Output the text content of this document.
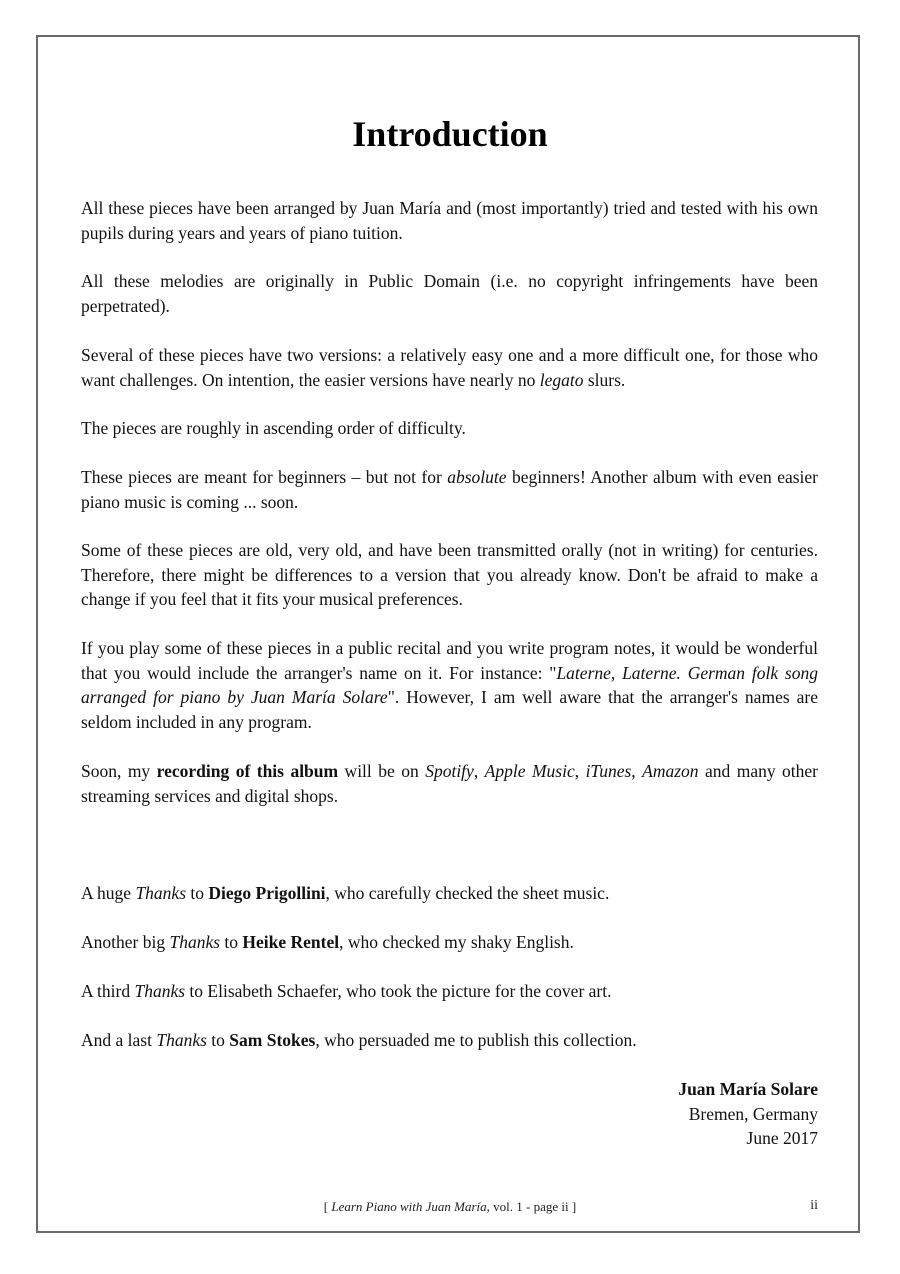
Introduction

All these pieces have been arranged by Juan María and (most importantly) tried and tested with his own pupils during years and years of piano tuition.

All these melodies are originally in Public Domain (i.e. no copyright infringements have been perpetrated).

Several of these pieces have two versions: a relatively easy one and a more difficult one, for those who want challenges. On intention, the easier versions have nearly no legato slurs.

The pieces are roughly in ascending order of difficulty.

These pieces are meant for beginners – but not for absolute beginners! Another album with even easier piano music is coming ... soon.

Some of these pieces are old, very old, and have been transmitted orally (not in writing) for centuries. Therefore, there might be differences to a version that you already know. Don't be afraid to make a change if you feel that it fits your musical preferences.

If you play some of these pieces in a public recital and you write program notes, it would be wonderful that you would include the arranger's name on it. For instance: "Laterne, Laterne. German folk song arranged for piano by Juan María Solare". However, I am well aware that the arranger's names are seldom included in any program.

Soon, my recording of this album will be on Spotify, Apple Music, iTunes, Amazon and many other streaming services and digital shops.

A huge Thanks to Diego Prigollini, who carefully checked the sheet music.

Another big Thanks to Heike Rentel, who checked my shaky English.

A third Thanks to Elisabeth Schaefer, who took the picture for the cover art.

And a last Thanks to Sam Stokes, who persuaded me to publish this collection.

Juan María Solare
Bremen, Germany
June 2017
[ Learn Piano with Juan María, vol. 1 - page ii ]	ii
